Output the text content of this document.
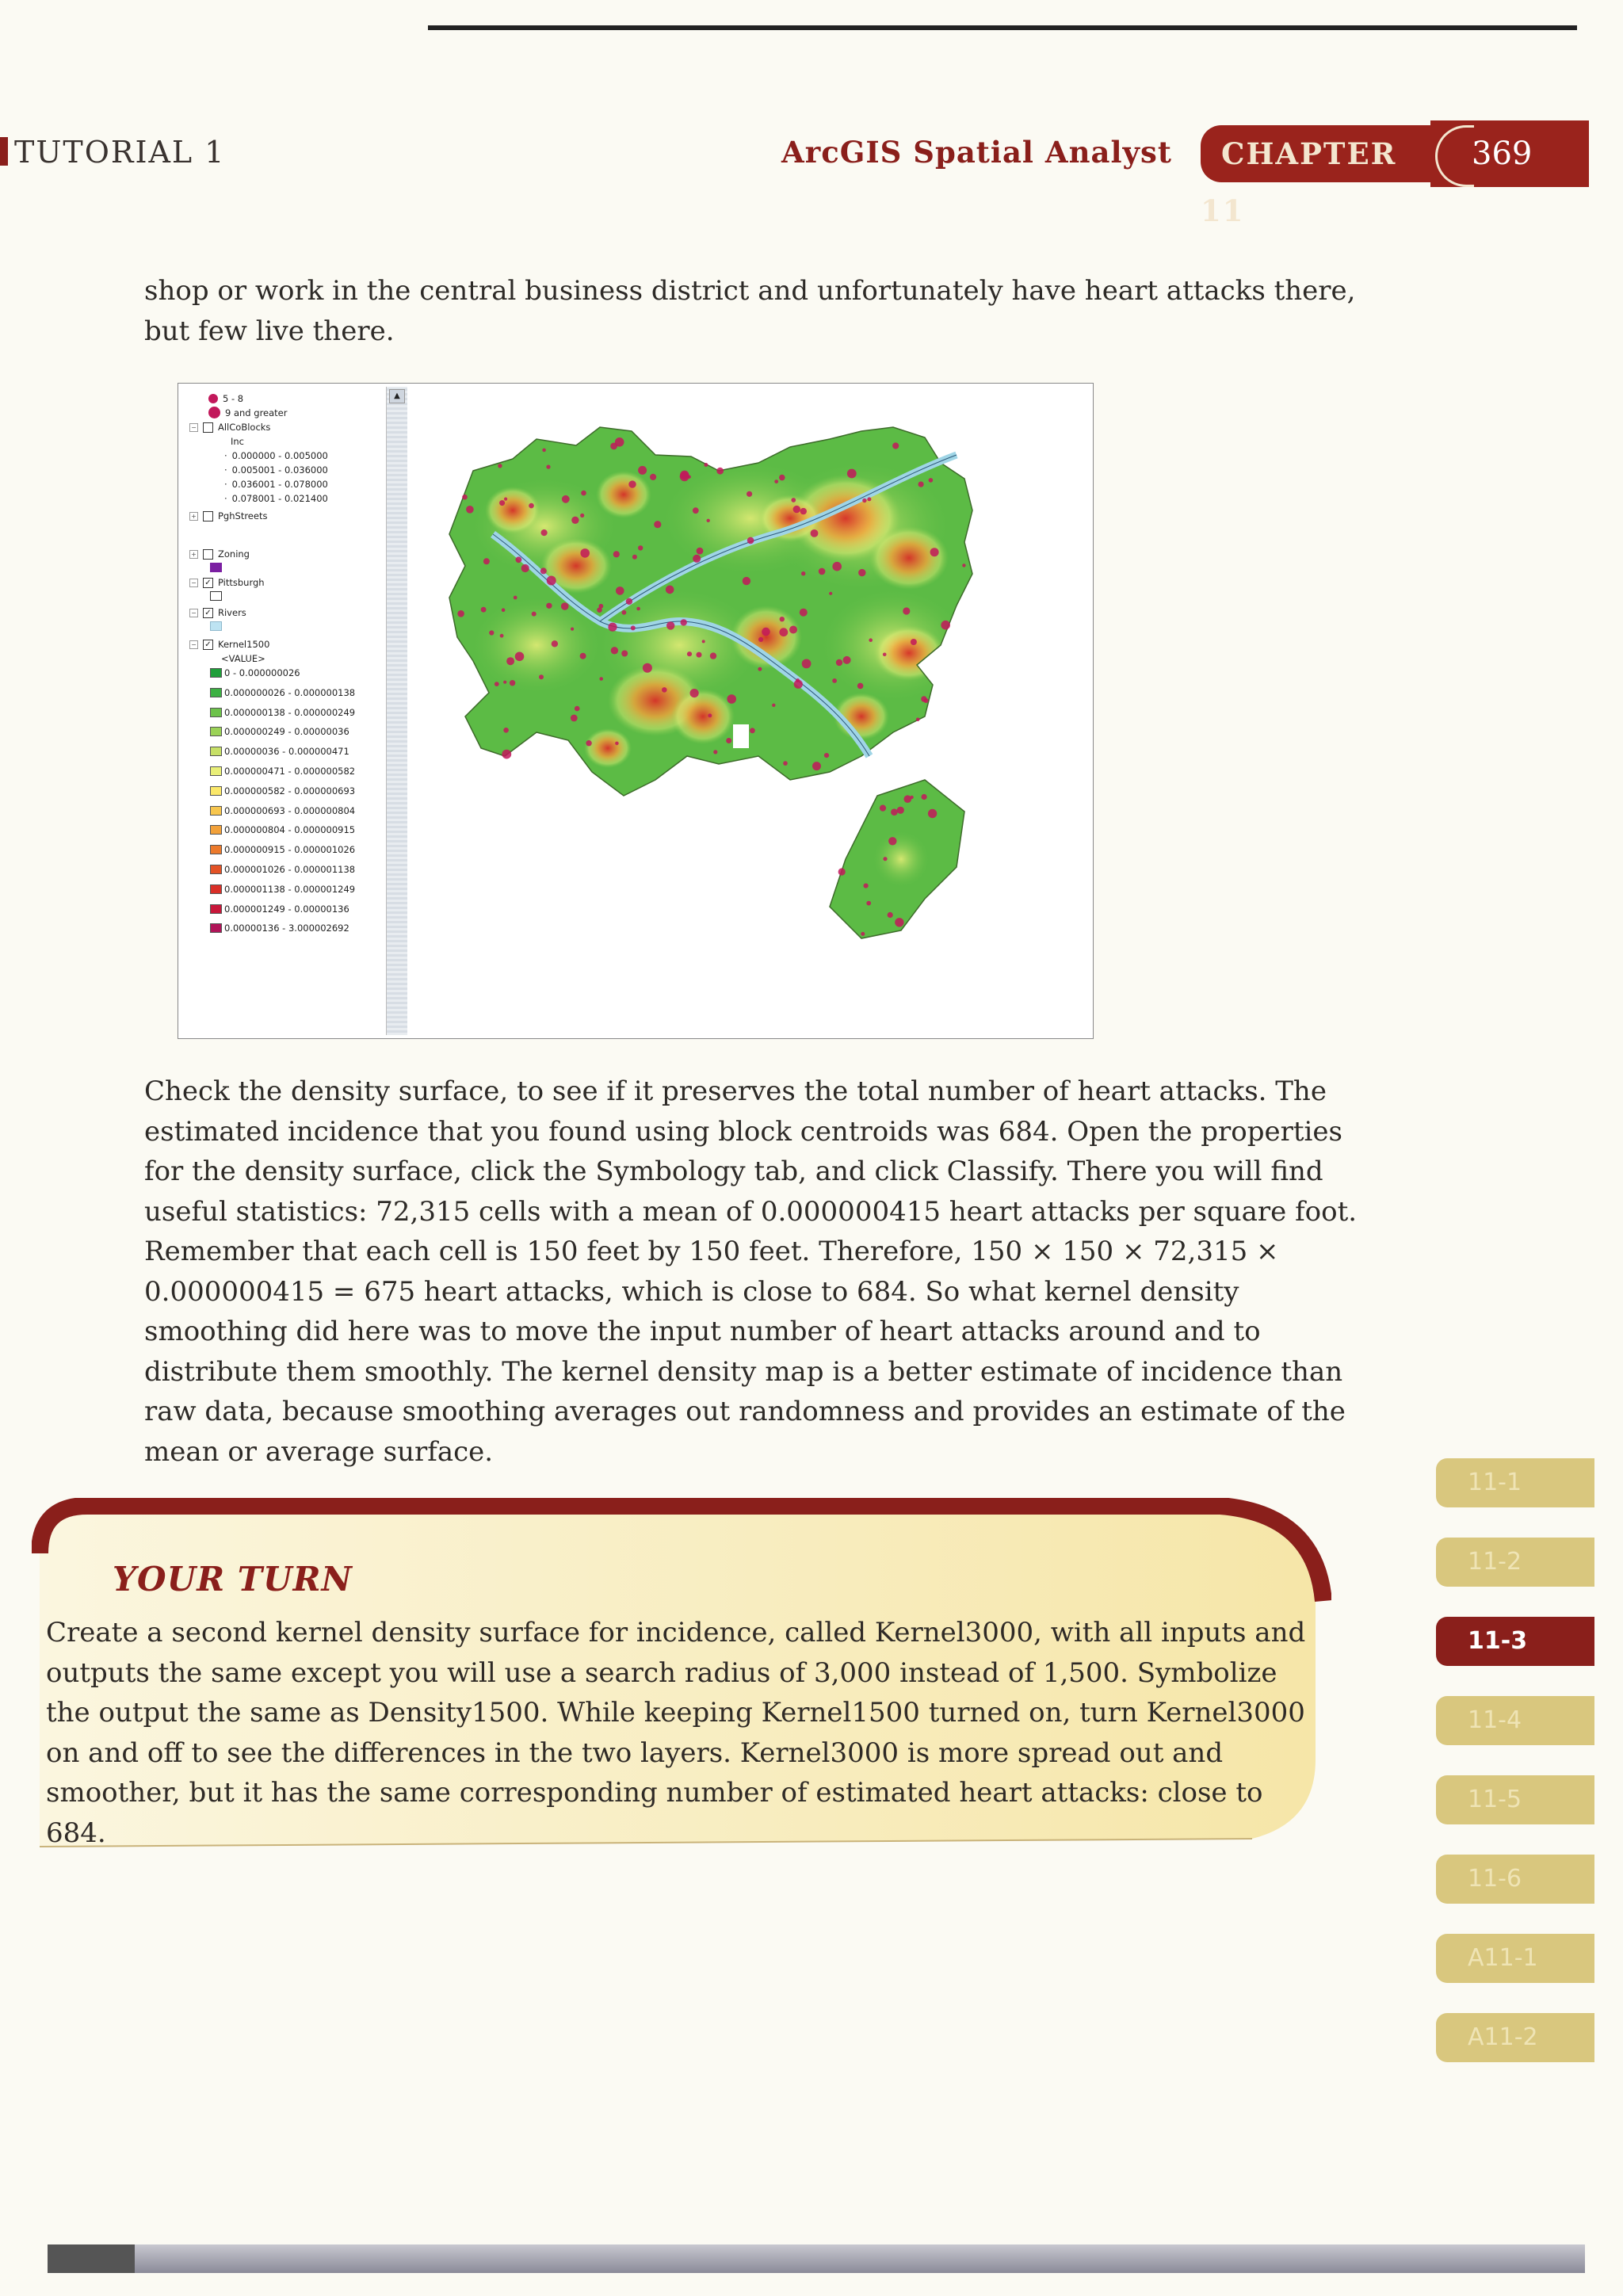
TUTORIAL 1	ArcGIS Spatial Analyst	CHAPTER 11
369
shop or work in the central business district and unfortunately have heart attacks there, but few live there.
5 - 8
9 and greater
− AllCoBlocks
Inc
· 0.000000 - 0.005000
· 0.005001 - 0.036000
· 0.036001 - 0.078000
· 0.078001 - 0.021400
+ PghStreets
+ Zoning
− ✓ Pittsburgh
− ✓ Rivers
− ✓ Kernel1500
<VALUE>
▲
0 - 0.000000026
0.000000026 - 0.000000138
0.000000138 - 0.000000249
0.000000249 - 0.00000036
0.00000036 - 0.000000471
0.000000471 - 0.000000582
0.000000582 - 0.000000693
0.000000693 - 0.000000804
0.000000804 - 0.000000915
0.000000915 - 0.000001026
0.000001026 - 0.000001138
0.000001138 - 0.000001249
0.000001249 - 0.00000136
0.00000136 - 3.000002692
Check the density surface, to see if it preserves the total number of heart attacks. The estimated incidence that you found using block centroids was 684. Open the properties for the density surface, click the Symbology tab, and click Classify. There you will find useful statistics: 72,315 cells with a mean of 0.000000415 heart attacks per square foot. Remember that each cell is 150 feet by 150 feet. Therefore, 150 × 150 × 72,315 × 0.000000415 = 675 heart attacks, which is close to 684. So what kernel density smoothing did here was to move the input number of heart attacks around and to distribute them smoothly. The kernel density map is a better estimate of incidence than raw data, because smoothing averages out randomness and provides an estimate of the mean or average surface.
YOUR TURN
Create a second kernel density surface for incidence, called Kernel3000, with all inputs and outputs the same except you will use a search radius of 3,000 instead of 1,500. Symbolize the output the same as Density1500. While keeping Kernel1500 turned on, turn Kernel3000 on and off to see the differences in the two layers. Kernel3000 is more spread out and smoother, but it has the same corresponding number of estimated heart attacks: close to 684.
11-1
11-2
11-3
11-4
11-5
11-6
A11-1
A11-2
